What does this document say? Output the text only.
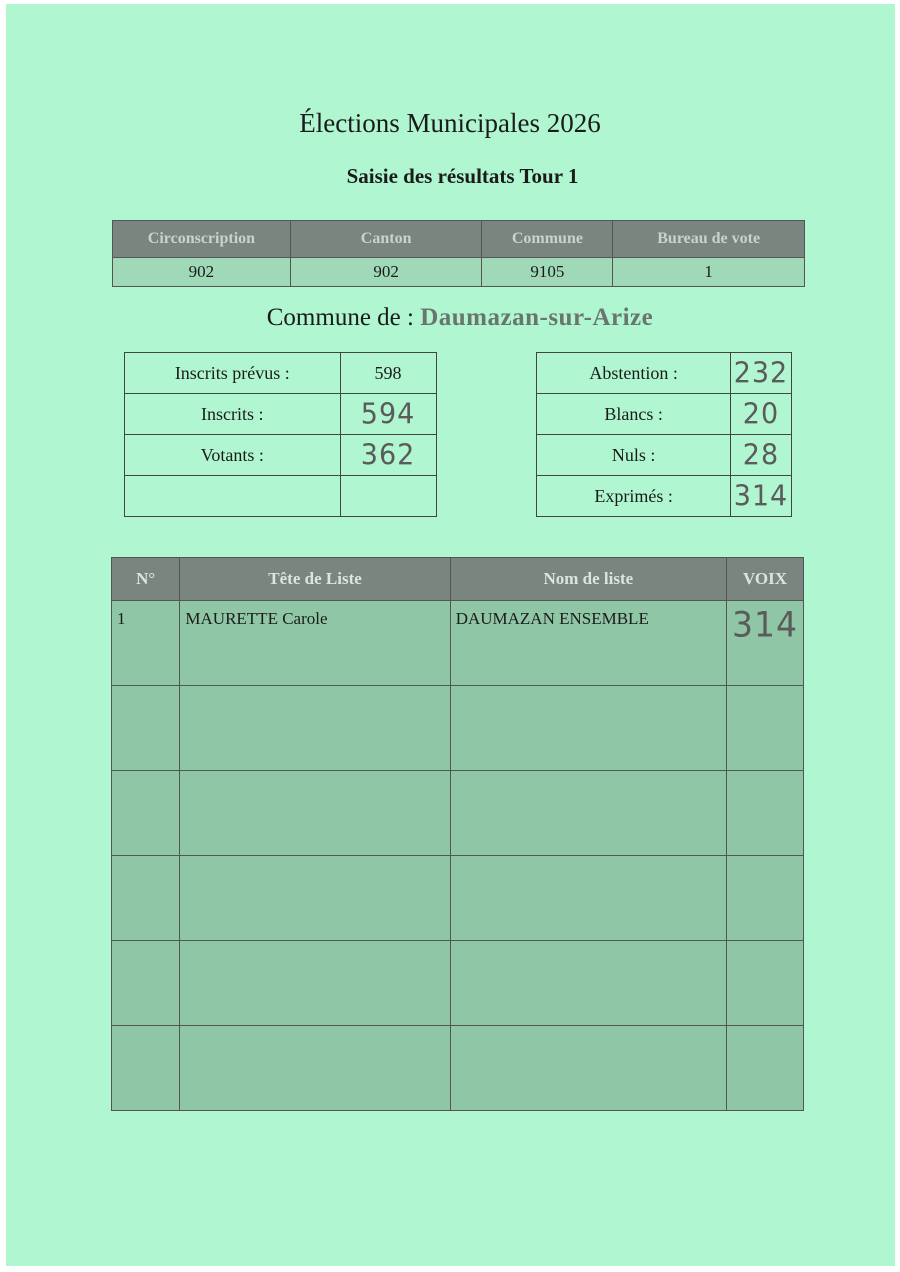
Élections Municipales 2026
Saisie des résultats Tour 1
Circonscription	Canton	Commune	Bureau de vote
902	902	9105	1

Commune de : Daumazan-sur-Arize

Inscrits prévus :	598		Abstention :	232
Inscrits :	594		Blancs :	20
Votants :	362		Nuls :	28
			Exprimés :	314
N°	Tête de Liste	Nom de liste	VOIX
1	MAURETTE Carole	DAUMAZAN ENSEMBLE	314
